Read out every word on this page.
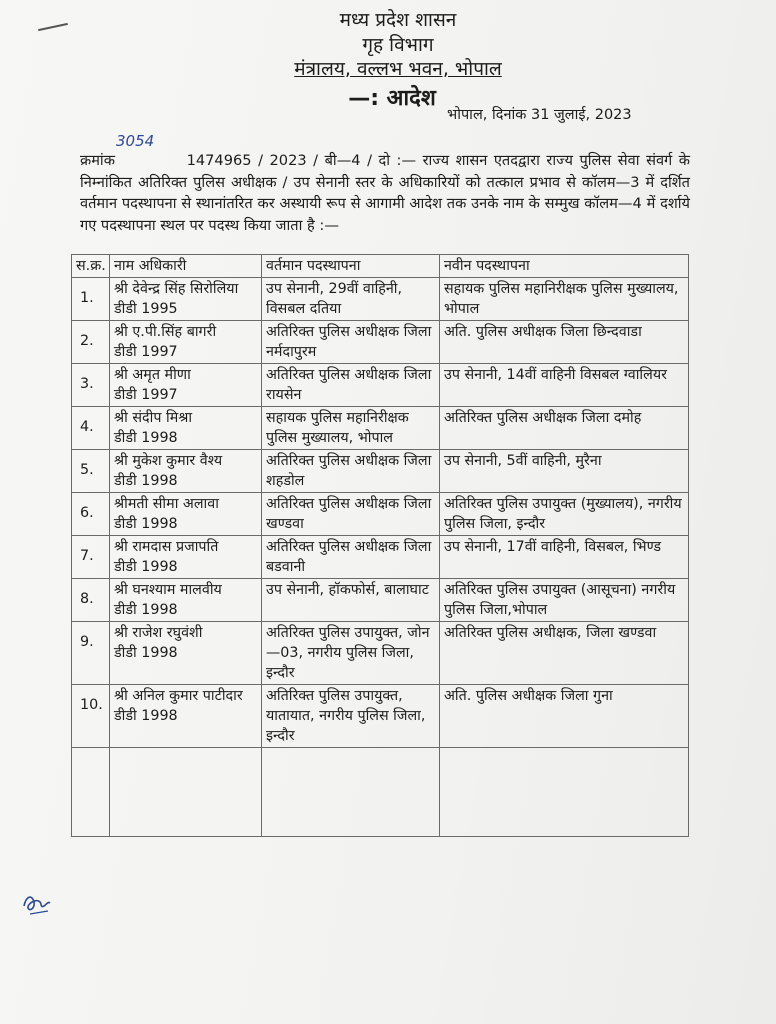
मध्य प्रदेश शासन
गृह विभाग
मंत्रालय, वल्लभ भवन, भोपाल
—: आदेश
भोपाल, दिनांक 31 जुलाई, 2023
3054
क्रमांक	1474965 / 2023 / बी—4 / दो :— राज्य शासन एतदद्वारा राज्य पुलिस सेवा संवर्ग के निम्नांकित अतिरिक्त पुलिस अधीक्षक / उप सेनानी स्तर के अधिकारियों को तत्काल प्रभाव से कॉलम—3 में दर्शित वर्तमान पदस्थापना से स्थानांतरित कर अस्थायी रूप से आगामी आदेश तक उनके नाम के सम्मुख कॉलम—4 में दर्शाये गए पदस्थापना स्थल पर पदस्थ किया जाता है :—
स.क्र.	नाम अधिकारी	वर्तमान पदस्थापना	नवीन पदस्थापना

1.	श्री देवेन्द्र सिंह सिरोलिया
डीडी 1995	उप सेनानी, 29वीं वाहिनी, विसबल दतिया	सहायक पुलिस महानिरीक्षक पुलिस मुख्यालय, भोपाल

2.	श्री ए.पी.सिंह बागरी
डीडी 1997	अतिरिक्त पुलिस अधीक्षक जिला नर्मदापुरम	अति. पुलिस अधीक्षक जिला छिन्दवाडा

3.	श्री अमृत मीणा
डीडी 1997	अतिरिक्त पुलिस अधीक्षक जिला रायसेन	उप सेनानी, 14वीं वाहिनी विसबल ग्वालियर

4.	श्री संदीप मिश्रा
डीडी 1998	सहायक पुलिस महानिरीक्षक पुलिस मुख्यालय, भोपाल	अतिरिक्त पुलिस अधीक्षक जिला दमोह

5.	श्री मुकेश कुमार वैश्य
डीडी 1998	अतिरिक्त पुलिस अधीक्षक जिला शहडोल	उप सेनानी, 5वीं वाहिनी, मुरैना

6.	श्रीमती सीमा अलावा
डीडी 1998	अतिरिक्त पुलिस अधीक्षक जिला खण्डवा	अतिरिक्त पुलिस उपायुक्त (मुख्यालय), नगरीय पुलिस जिला, इन्दौर

7.	श्री रामदास प्रजापति
डीडी 1998	अतिरिक्त पुलिस अधीक्षक जिला बडवानी	उप सेनानी, 17वीं वाहिनी, विसबल, भिण्ड

8.	श्री घनश्याम मालवीय
डीडी 1998	उप सेनानी, हॉकफोर्स, बालाघाट	अतिरिक्त पुलिस उपायुक्त (आसूचना) नगरीय पुलिस जिला,भोपाल

9.	श्री राजेश रघुवंशी
डीडी 1998	अतिरिक्त पुलिस उपायुक्त, जोन—03, नगरीय पुलिस जिला, इन्दौर	अतिरिक्त पुलिस अधीक्षक, जिला खण्डवा

10.	श्री अनिल कुमार पाटीदार
डीडी 1998	अतिरिक्त पुलिस उपायुक्त, यातायात, नगरीय पुलिस जिला, इन्दौर	अति. पुलिस अधीक्षक जिला गुना
